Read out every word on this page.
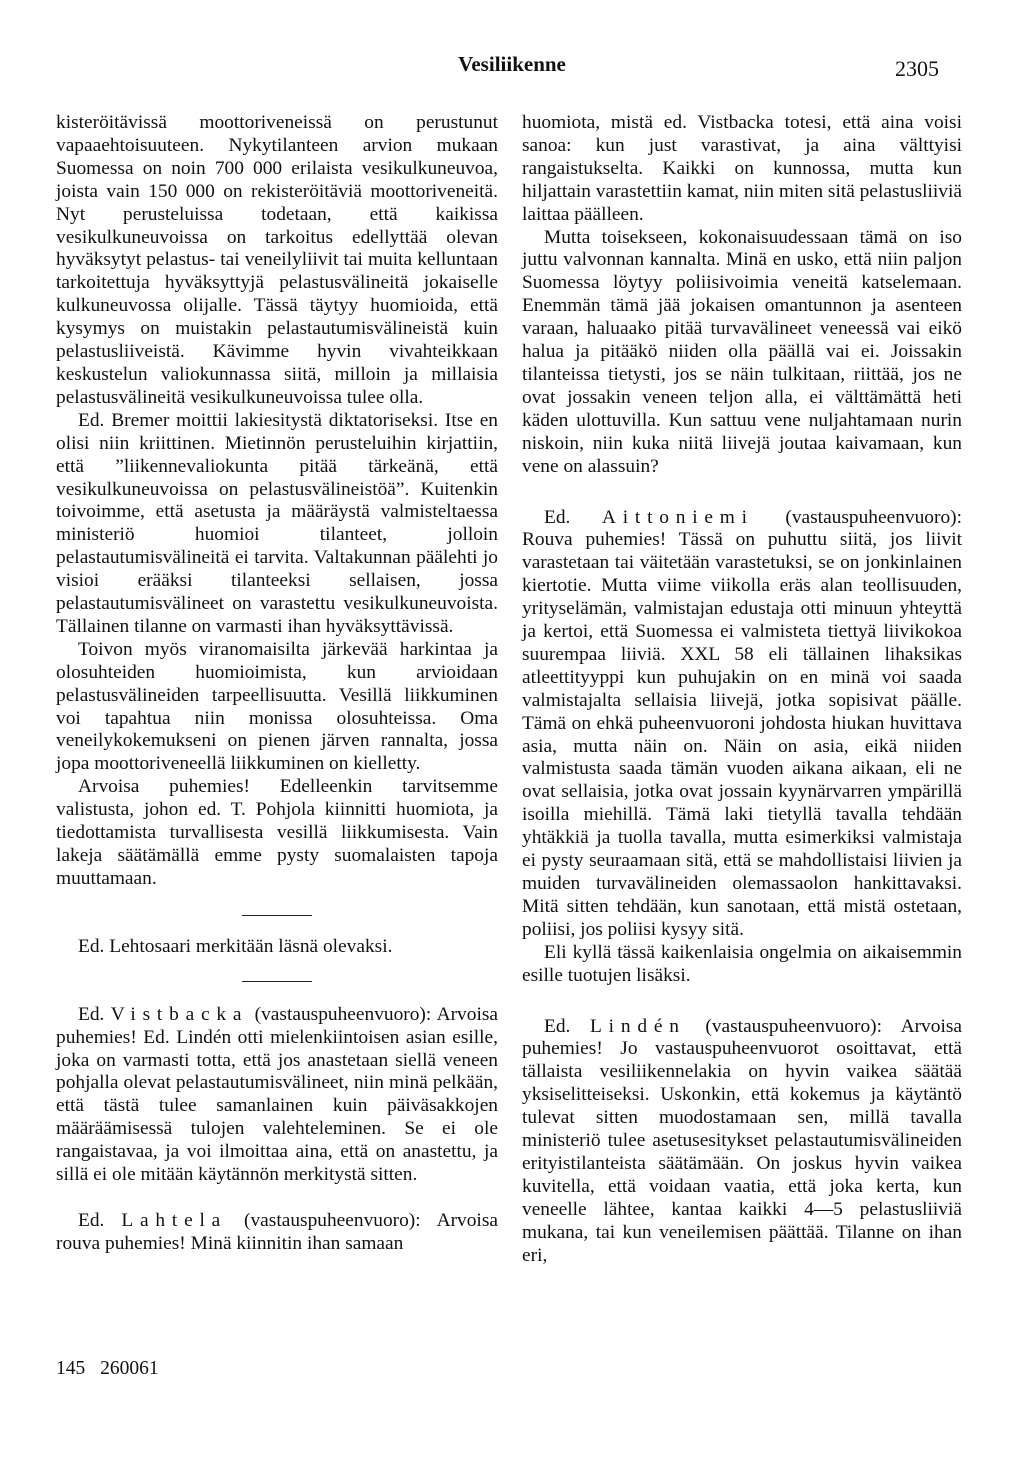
Vesiliikenne	2305

kisteröitävissä moottoriveneissä on perustunut vapaaehtoisuuteen. Nykytilanteen arvion mukaan Suomessa on noin 700 000 erilaista vesikulkuneuvoa, joista vain 150 000 on rekisteröitäviä moottoriveneitä. Nyt perusteluissa todetaan, että kaikissa vesikulkuneuvoissa on tarkoitus edellyttää olevan hyväksytyt pelastus- tai veneilyliivit tai muita kelluntaan tarkoitettuja hyväksyttyjä pelastusvälineitä jokaiselle kulkuneuvossa olijalle. Tässä täytyy huomioida, että kysymys on muistakin pelastautumisvälineistä kuin pelastusliiveistä. Kävimme hyvin vivahteikkaan keskustelun valiokunnassa siitä, milloin ja millaisia pelastusvälineitä vesikulkuneuvoissa tulee olla.

Ed. Bremer moittii lakiesitystä diktatoriseksi. Itse en olisi niin kriittinen. Mietinnön perusteluihin kirjattiin, että ”liikennevaliokunta pitää tärkeänä, että vesikulkuneuvoissa on pelastusvälineistöä”. Kuitenkin toivoimme, että asetusta ja määräystä valmisteltaessa ministeriö huomioi tilanteet, jolloin pelastautumisvälineitä ei tarvita. Valtakunnan päälehti jo visioi erääksi tilanteeksi sellaisen, jossa pelastautumisvälineet on varastettu vesikulkuneuvoista. Tällainen tilanne on varmasti ihan hyväksyttävissä.

Toivon myös viranomaisilta järkevää harkintaa ja olosuhteiden huomioimista, kun arvioidaan pelastusvälineiden tarpeellisuutta. Vesillä liikkuminen voi tapahtua niin monissa olosuhteissa. Oma veneilykokemukseni on pienen järven rannalta, jossa jopa moottoriveneellä liikkuminen on kielletty.

Arvoisa puhemies! Edelleenkin tarvitsemme valistusta, johon ed. T. Pohjola kiinnitti huomiota, ja tiedottamista turvallisesta vesillä liikkumisesta. Vain lakeja säätämällä emme pysty suomalaisten tapoja muuttamaan.

Ed. Lehtosaari merkitään läsnä olevaksi.

Ed. Vistbacka (vastauspuheenvuoro): Arvoisa puhemies! Ed. Lindén otti mielenkiintoisen asian esille, joka on varmasti totta, että jos anastetaan siellä veneen pohjalla olevat pelastautumisvälineet, niin minä pelkään, että tästä tulee samanlainen kuin päiväsakkojen määräämisessä tulojen valehteleminen. Se ei ole rangaistavaa, ja voi ilmoittaa aina, että on anastettu, ja sillä ei ole mitään käytännön merkitystä sitten.

Ed. Lahtela (vastauspuheenvuoro): Arvoisa rouva puhemies! Minä kiinnitin ihan samaan

huomiota, mistä ed. Vistbacka totesi, että aina voisi sanoa: kun just varastivat, ja aina välttyisi rangaistukselta. Kaikki on kunnossa, mutta kun hiljattain varastettiin kamat, niin miten sitä pelastusliiviä laittaa päälleen.

Mutta toisekseen, kokonaisuudessaan tämä on iso juttu valvonnan kannalta. Minä en usko, että niin paljon Suomessa löytyy poliisivoimia veneitä katselemaan. Enemmän tämä jää jokaisen omantunnon ja asenteen varaan, haluaako pitää turvavälineet veneessä vai eikö halua ja pitääkö niiden olla päällä vai ei. Joissakin tilanteissa tietysti, jos se näin tulkitaan, riittää, jos ne ovat jossakin veneen teljon alla, ei välttämättä heti käden ulottuvilla. Kun sattuu vene nuljahtamaan nurin niskoin, niin kuka niitä liivejä joutaa kaivamaan, kun vene on alassuin?

Ed. Aittoniemi (vastauspuheenvuoro): Rouva puhemies! Tässä on puhuttu siitä, jos liivit varastetaan tai väitetään varastetuksi, se on jonkinlainen kiertotie. Mutta viime viikolla eräs alan teollisuuden, yrityselämän, valmistajan edustaja otti minuun yhteyttä ja kertoi, että Suomessa ei valmisteta tiettyä liivikokoa suurempaa liiviä. XXL 58 eli tällainen lihaksikas atleettityyppi kun puhujakin on en minä voi saada valmistajalta sellaisia liivejä, jotka sopisivat päälle. Tämä on ehkä puheenvuoroni johdosta hiukan huvittava asia, mutta näin on. Näin on asia, eikä niiden valmistusta saada tämän vuoden aikana aikaan, eli ne ovat sellaisia, jotka ovat jossain kyynärvarren ympärillä isoilla miehillä. Tämä laki tietyllä tavalla tehdään yhtäkkiä ja tuolla tavalla, mutta esimerkiksi valmistaja ei pysty seuraamaan sitä, että se mahdollistaisi liivien ja muiden turvavälineiden olemassaolon hankittavaksi. Mitä sitten tehdään, kun sanotaan, että mistä ostetaan, poliisi, jos poliisi kysyy sitä.

Eli kyllä tässä kaikenlaisia ongelmia on aikaisemmin esille tuotujen lisäksi.

Ed. Lindén (vastauspuheenvuoro): Arvoisa puhemies! Jo vastauspuheenvuorot osoittavat, että tällaista vesiliikennelakia on hyvin vaikea säätää yksiselitteiseksi. Uskonkin, että kokemus ja käytäntö tulevat sitten muodostamaan sen, millä tavalla ministeriö tulee asetusesitykset pelastautumisvälineiden erityistilanteista säätämään. On joskus hyvin vaikea kuvitella, että voidaan vaatia, että joka kerta, kun veneelle lähtee, kantaa kaikki 4—5 pelastusliiviä mukana, tai kun veneilemisen päättää. Tilanne on ihan eri,

145 260061
